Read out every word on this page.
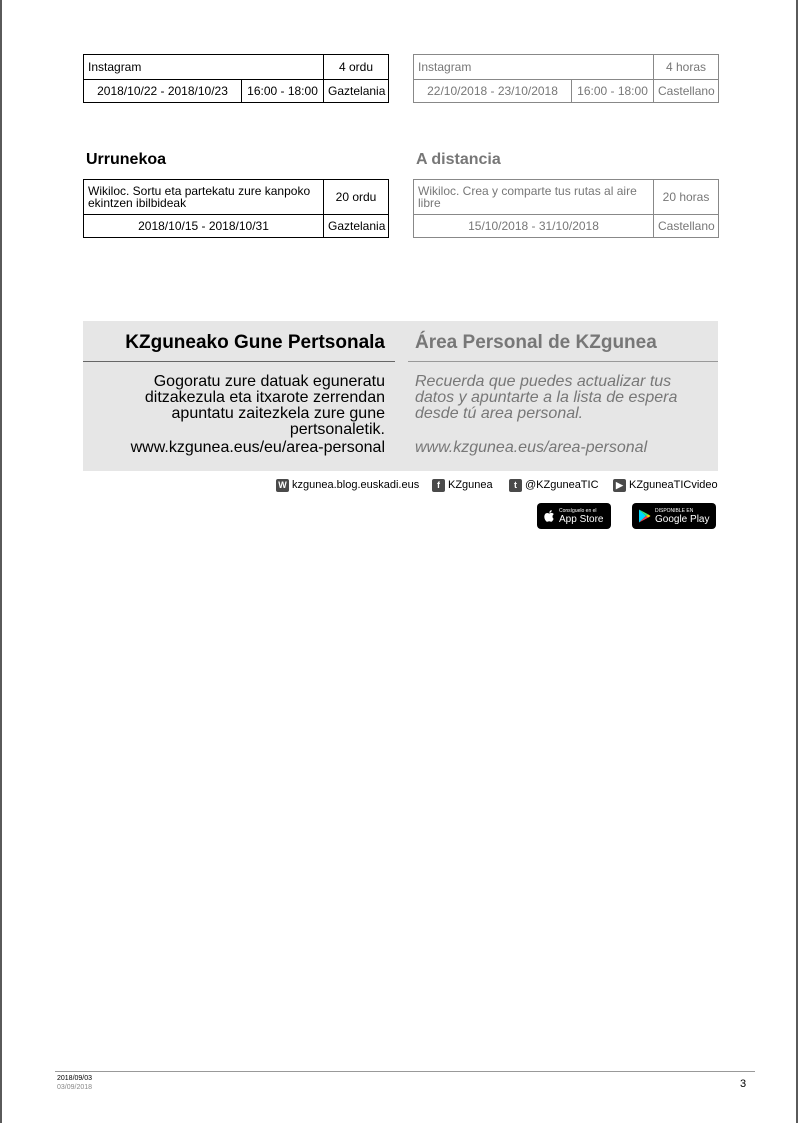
Instagram		4 ordu
2018/10/22 - 2018/10/23	16:00 - 18:00	Gaztelania
Instagram		4 horas
22/10/2018 - 23/10/2018	16:00 - 18:00	Castellano
Urrunekoa	A distancia
Wikiloc. Sortu eta partekatu zure kanpoko ekintzen ibilbideak	20 ordu
2018/10/15 - 2018/10/31	Gaztelania
Wikiloc. Crea y comparte tus rutas al aire libre	20 horas
15/10/2018 - 31/10/2018	Castellano
KZguneako Gune Pertsonala Área Personal de KZgunea
Gogoratu zure datuak eguneratu ditzakezula eta itxarote zerrendan apuntatu zaitezkela zure gune pertsonaletik.
www.kzgunea.eus/eu/area-personal
Recuerda que puedes actualizar tus datos y apuntarte a la lista de espera desde tú area personal.
www.kzgunea.eus/area-personal
W kzgunea.blog.euskadi.eus	f KZgunea	t @KZguneaTIC	▶ KZguneaTICvideo
Consíguelo en el
App Store
DISPONIBLE EN
Google Play
2018/09/03
03/09/2018	3
